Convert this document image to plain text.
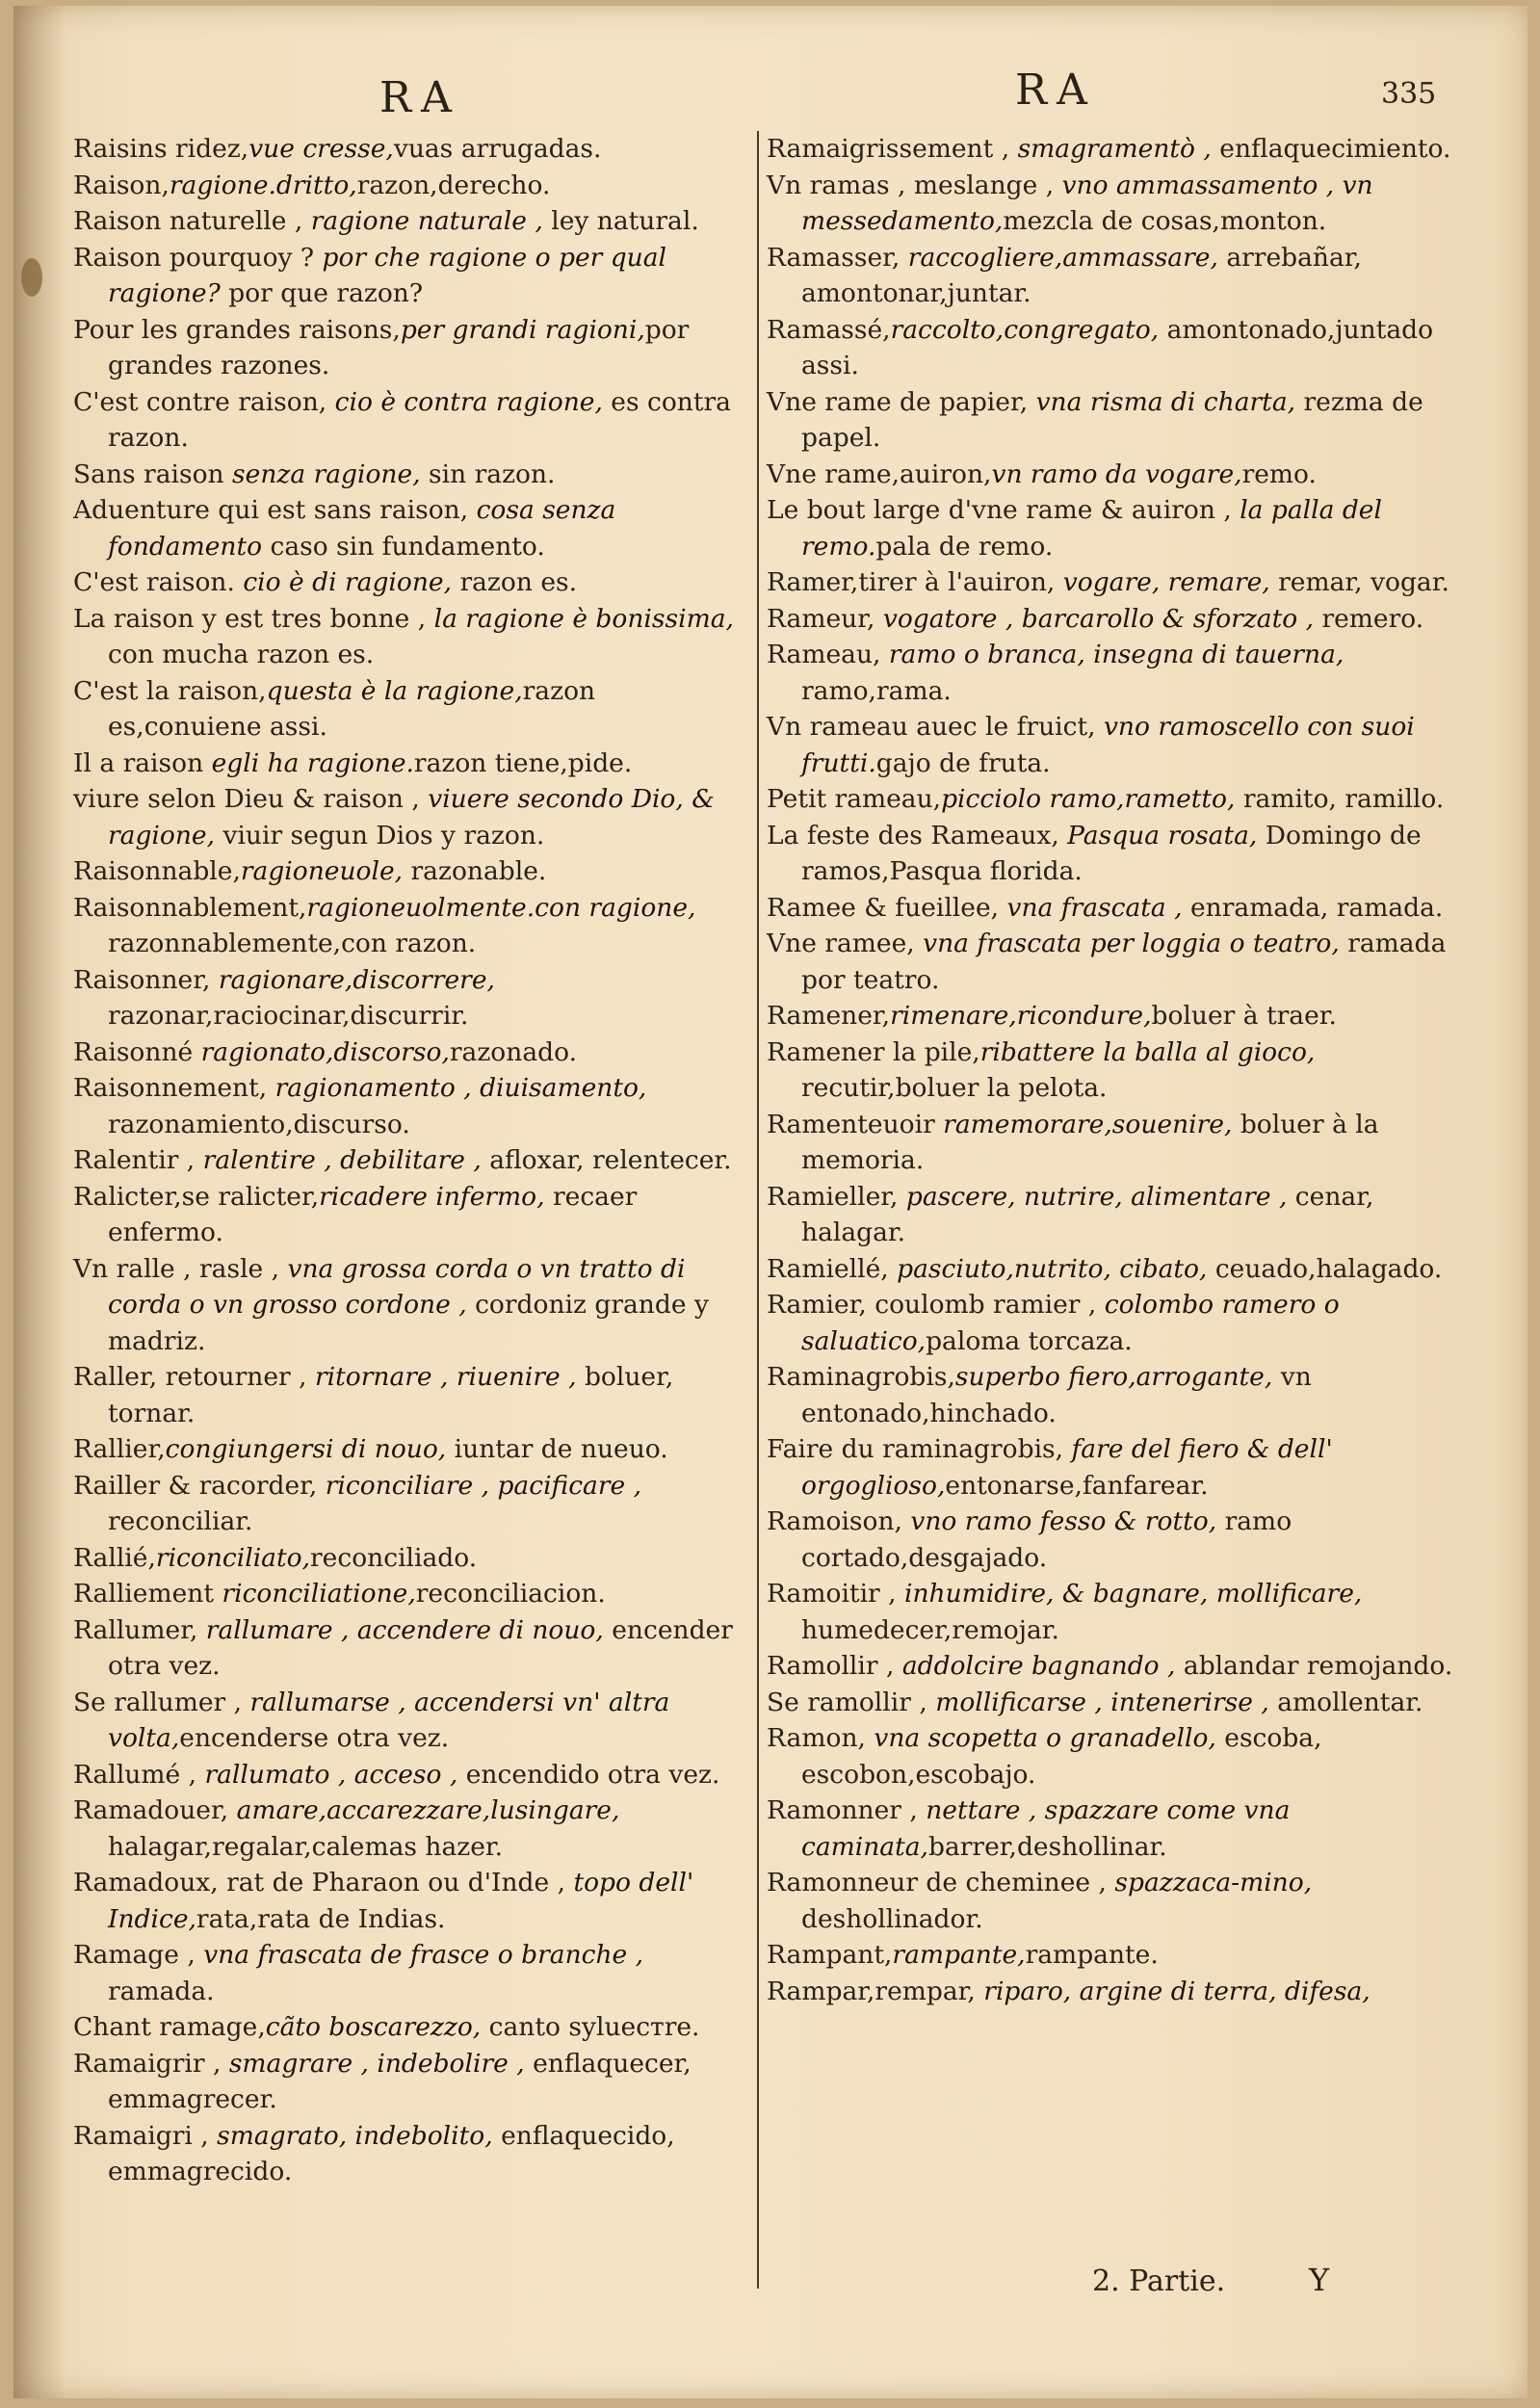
RA	RA	335

Raisins ridez,vue cresse,vuas arrugadas.

Raison,ragione.dritto,razon,derecho.

Raison naturelle , ragione naturale , ley natural.

Raison pourquoy ? por che ragione o per qual ragione? por que razon?

Pour les grandes raisons,per grandi ragioni,por grandes razones.

C'est contre raison, cio è contra ragione, es contra razon.

Sans raison senza ragione, sin razon.

Aduenture qui est sans raison, cosa senza fondamento caso sin fundamento.

C'est raison. cio è di ragione, razon es.

La raison y est tres bonne , la ragione è bonissima, con mucha razon es.

C'est la raison,questa è la ragione,razon es,conuiene assi.

Il a raison egli ha ragione.razon tiene,pide.

viure selon Dieu & raison , viuere secondo Dio, & ragione, viuir segun Dios y razon.

Raisonnable,ragioneuole, razonable.

Raisonnablement,ragioneuolmente.con ragione, razonnablemente,con razon.

Raisonner, ragionare,discorrere, razonar,raciocinar,discurrir.

Raisonné ragionato,discorso,razonado.

Raisonnement, ragionamento , diuisamento, razonamiento,discurso.

Ralentir , ralentire , debilitare , afloxar, relentecer.

Ralicter,se ralicter,ricadere infermo, recaer enfermo.

Vn ralle , rasle , vna grossa corda o vn tratto di corda o vn grosso cordone , cordoniz grande y madriz.

Raller, retourner , ritornare , riuenire , boluer, tornar.

Rallier,congiungersi di nouo, iuntar de nueuo.

Railler & racorder, riconciliare , pacificare , reconciliar.

Rallié,riconciliato,reconciliado.

Ralliement riconciliatione,reconciliacion.

Rallumer, rallumare , accendere di nouo, encender otra vez.

Se rallumer , rallumarse , accendersi vn' altra volta,encenderse otra vez.

Rallumé , rallumato , acceso , encendido otra vez.

Ramadouer, amare,accarezzare,lusingare, halagar,regalar,calemas hazer.

Ramadoux, rat de Pharaon ou d'Inde , topo dell' Indice,rata,rata de Indias.

Ramage , vna frascata de frasce o branche , ramada.

Chant ramage,cãto boscarezzo, canto sylueстre.

Ramaigrir , smagrare , indebolire , enflaquecer, emmagrecer.

Ramaigri , smagrato, indebolito, enflaquecido, emmagrecido.

Ramaigrissement , smagramentò , enflaquecimiento.

Vn ramas , meslange , vno ammassamento , vn messedamento,mezcla de cosas,monton.

Ramasser, raccogliere,ammassare, arrebañar, amontonar,juntar.

Ramassé,raccolto,congregato, amontonado,juntado assi.

Vne rame de papier, vna risma di charta, rezma de papel.

Vne rame,auiron,vn ramo da vogare,remo.

Le bout large d'vne rame & auiron , la palla del remo.pala de remo.

Ramer,tirer à l'auiron, vogare, remare, remar, vogar.

Rameur, vogatore , barcarollo & sforzato , remero.

Rameau, ramo o branca, insegna di tauerna, ramo,rama.

Vn rameau auec le fruict, vno ramoscello con suoi frutti.gajo de fruta.

Petit rameau,picciolo ramo,rametto, ramito, ramillo.

La feste des Rameaux, Pasqua rosata, Domingo de ramos,Pasqua florida.

Ramee & fueillee, vna frascata , enramada, ramada.

Vne ramee, vna frascata per loggia o teatro, ramada por teatro.

Ramener,rimenare,ricondure,boluer à traer.

Ramener la pile,ribattere la balla al gioco, recutir,boluer la pelota.

Ramenteuoir ramemorare,souenire, boluer à la memoria.

Ramieller, pascere, nutrire, alimentare , cenar, halagar.

Ramiellé, pasciuto,nutrito, cibato, ceuado,halagado.

Ramier, coulomb ramier , colombo ramero o saluatico,paloma torcaza.

Raminagrobis,superbo fiero,arrogante, vn entonado,hinchado.

Faire du raminagrobis, fare del fiero & dell' orgoglioso,entonarse,fanfarear.

Ramoison, vno ramo fesso & rotto, ramo cortado,desgajado.

Ramoitir , inhumidire, & bagnare, mollificare, humedecer,remojar.

Ramollir , addolcire bagnando , ablandar remojando.

Se ramollir , mollificarse , intenerirse , amollentar.

Ramon, vna scopetta o granadello, escoba, escobon,escobajo.

Ramonner , nettare , spazzare come vna caminata,barrer,deshollinar.

Ramonneur de cheminee , spazzaca-mino, deshollinador.

Rampant,rampante,rampante.

Rampar,rempar, riparo, argine di terra, difesa,

2. Partie.	Y
